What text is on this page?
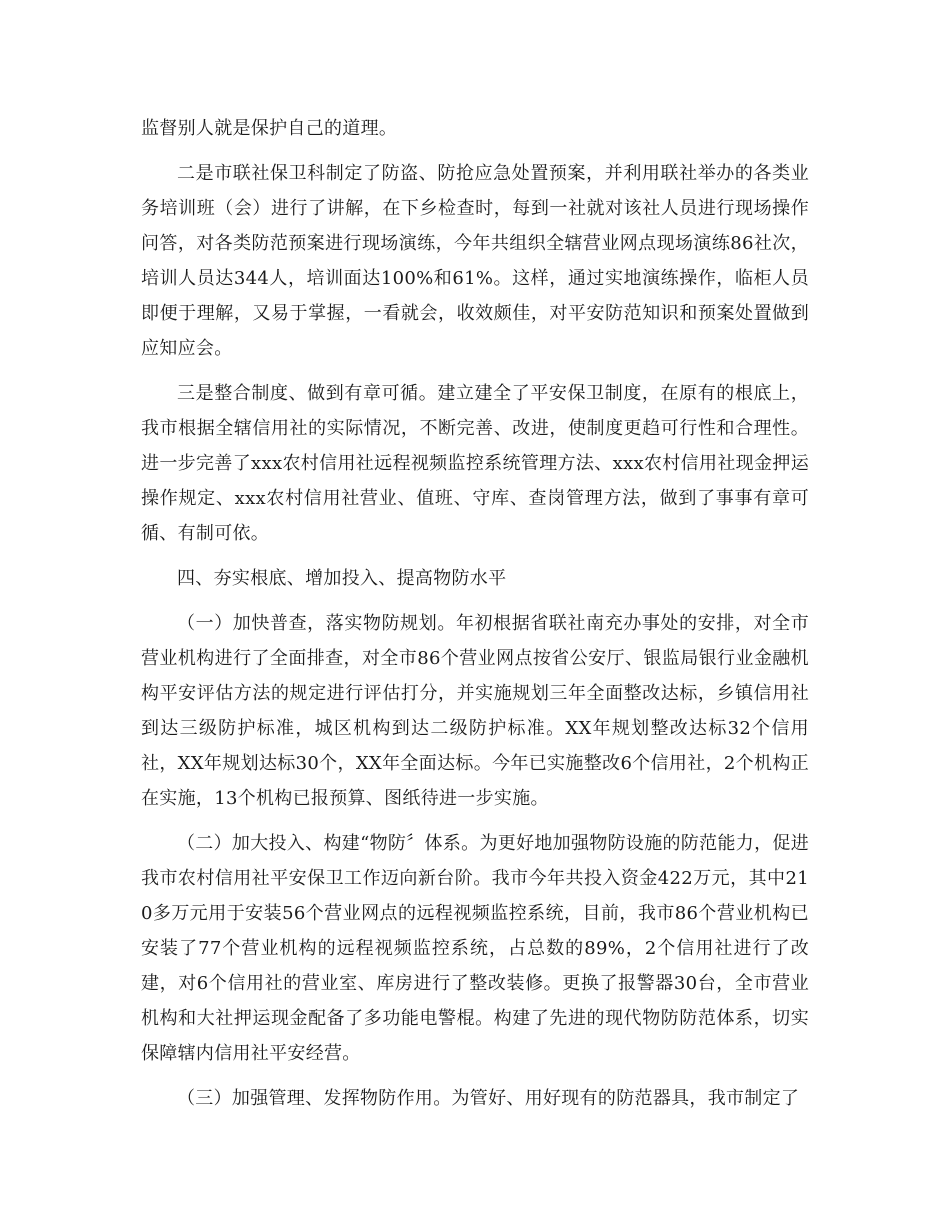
监督别人就是保护自己的道理。

二是市联社保卫科制定了防盗、防抢应急处置预案，并利用联社举办的各类业务培训班（会）进行了讲解，在下乡检查时，每到一社就对该社人员进行现场操作问答，对各类防范预案进行现场演练，今年共组织全辖营业网点现场演练86社次，培训人员达344人，培训面达100%和61%。这样，通过实地演练操作，临柜人员即便于理解，又易于掌握，一看就会，收效颇佳，对平安防范知识和预案处置做到应知应会。

三是整合制度、做到有章可循。建立建全了平安保卫制度，在原有的根底上，我市根据全辖信用社的实际情况，不断完善、改进，使制度更趋可行性和合理性。进一步完善了xxx农村信用社远程视频监控系统管理方法、xxx农村信用社现金押运操作规定、xxx农村信用社营业、值班、守库、查岗管理方法，做到了事事有章可循、有制可依。

四、夯实根底、增加投入、提高物防水平

（一）加快普查，落实物防规划。年初根据省联社南充办事处的安排，对全市营业机构进行了全面排查，对全市86个营业网点按省公安厅、银监局银行业金融机构平安评估方法的规定进行评估打分，并实施规划三年全面整改达标，乡镇信用社到达三级防护标准，城区机构到达二级防护标准。XX年规划整改达标32个信用社，XX年规划达标30个，XX年全面达标。今年已实施整改6个信用社，2个机构正在实施，13个机构已报预算、图纸待进一步实施。

（二）加大投入、构建“物防〞体系。为更好地加强物防设施的防范能力，促进我市农村信用社平安保卫工作迈向新台阶。我市今年共投入资金422万元，其中210多万元用于安装56个营业网点的远程视频监控系统，目前，我市86个营业机构已安装了77个营业机构的远程视频监控系统，占总数的89%，2个信用社进行了改建，对6个信用社的营业室、库房进行了整改装修。更换了报警器30台，全市营业机构和大社押运现金配备了多功能电警棍。构建了先进的现代物防防范体系，切实保障辖内信用社平安经营。

（三）加强管理、发挥物防作用。为管好、用好现有的防范器具，我市制定了
